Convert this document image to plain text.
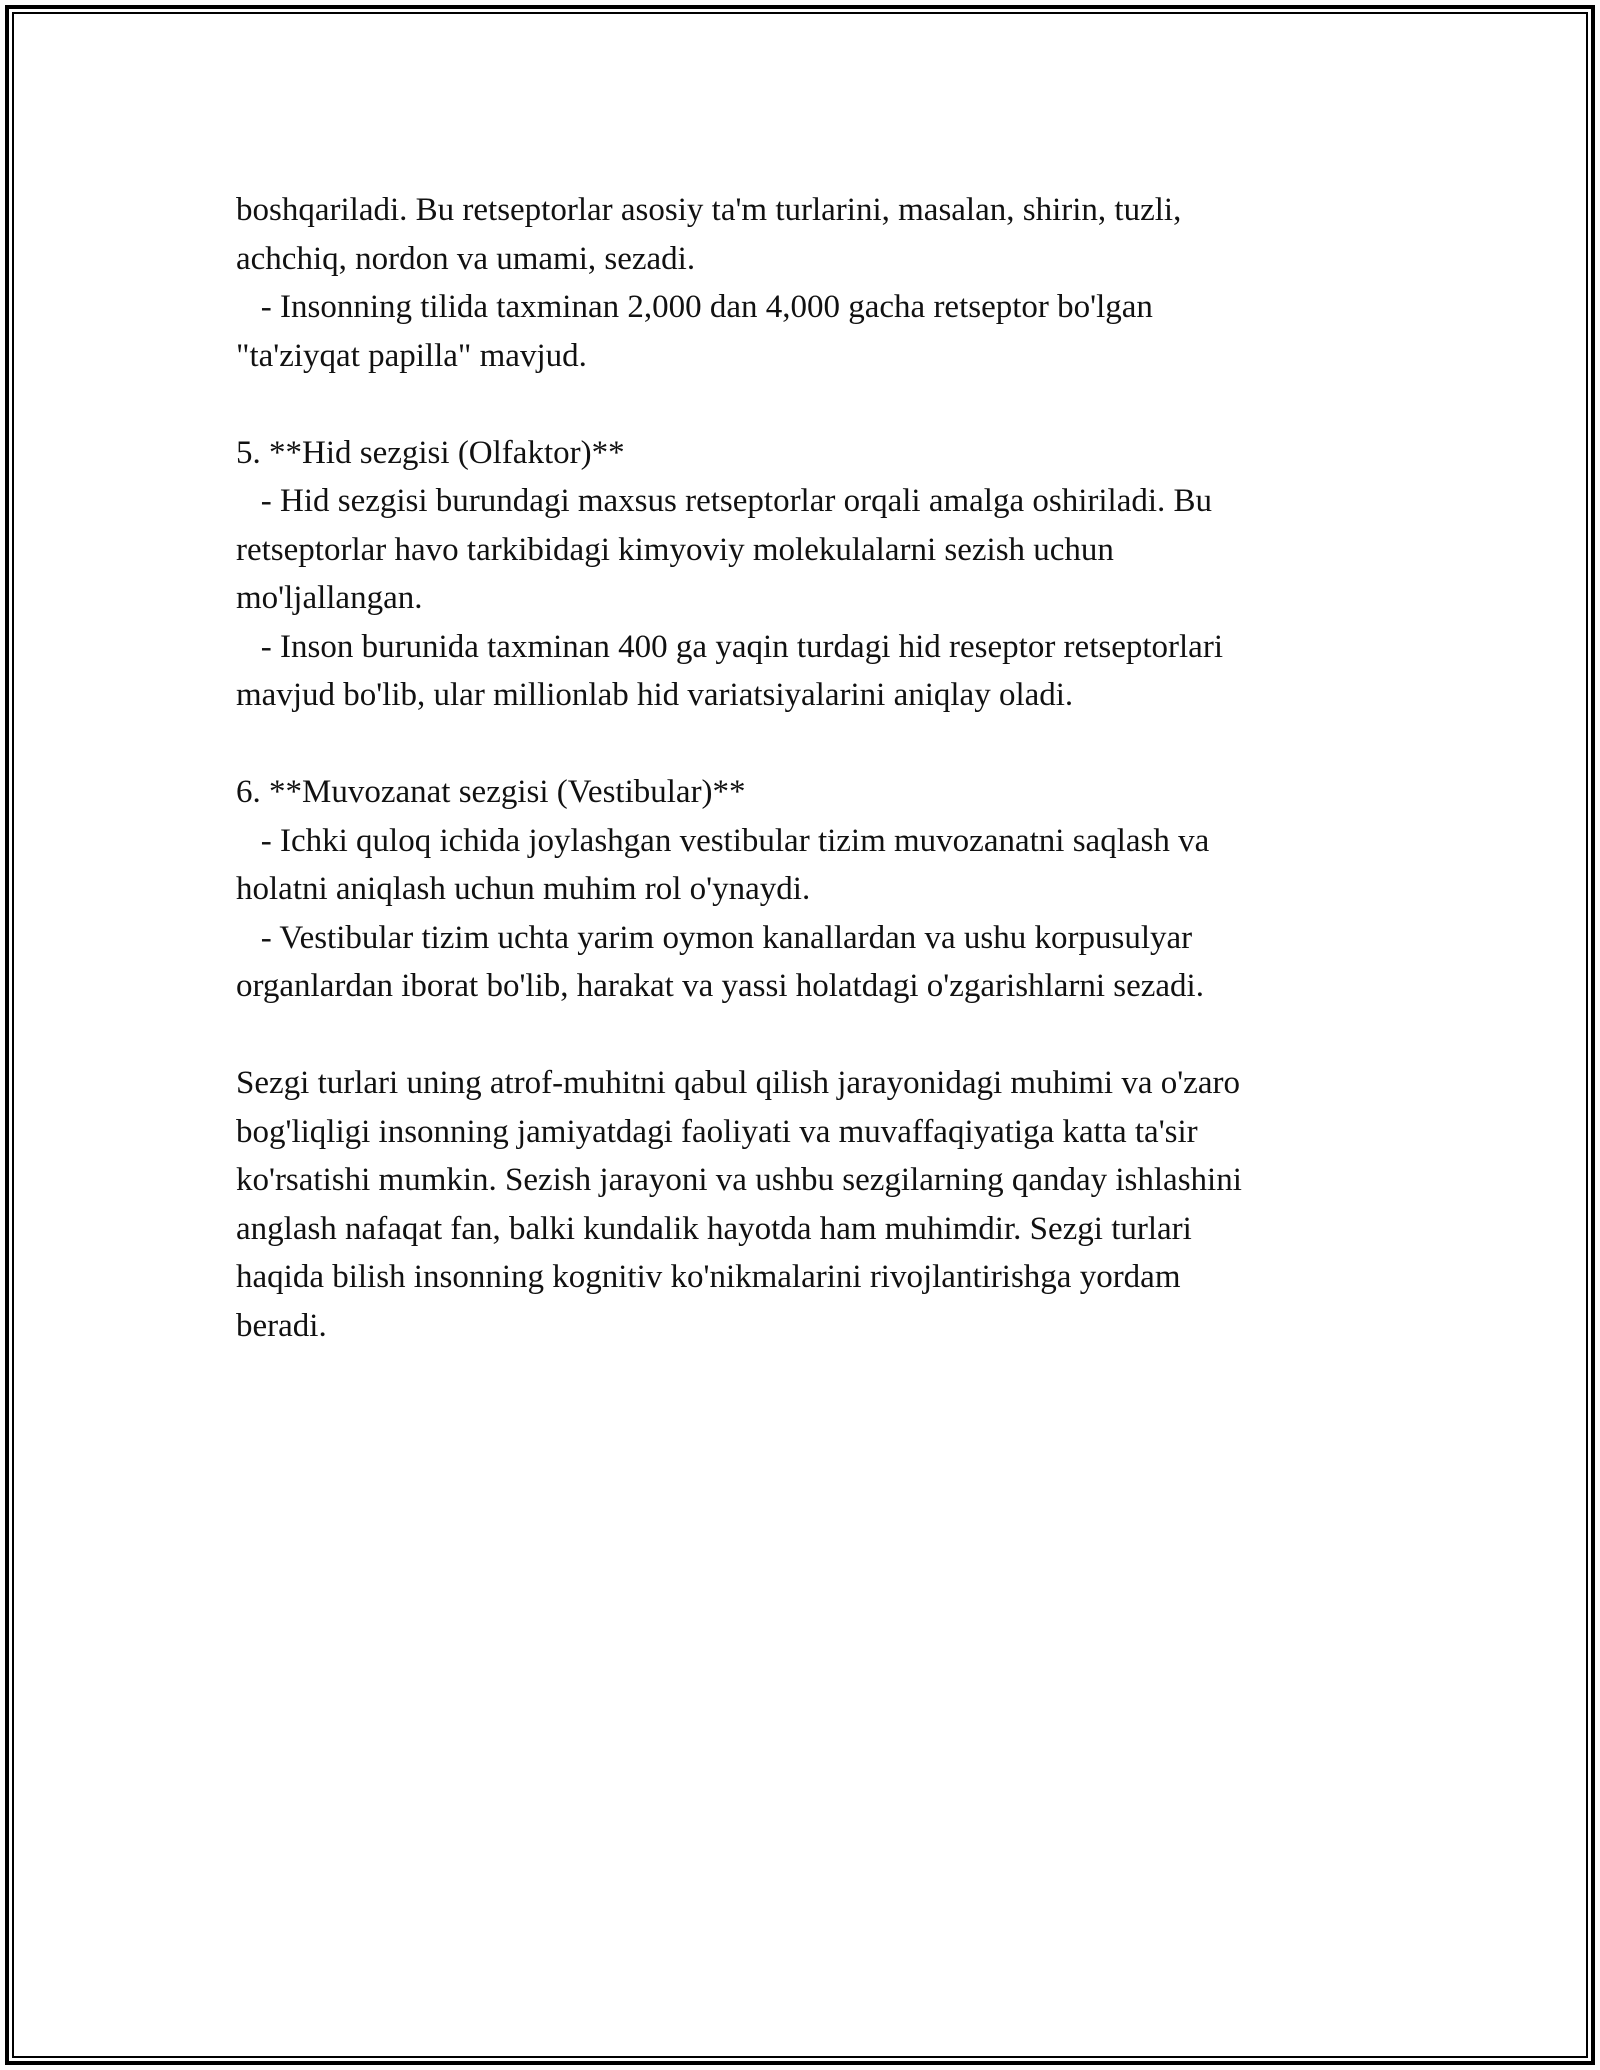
boshqariladi. Bu retseptorlar asosiy ta'm turlarini, masalan, shirin, tuzli,
achchiq, nordon va umami, sezadi.
- Insonning tilida taxminan 2,000 dan 4,000 gacha retseptor bo'lgan
"ta'ziyqat papilla" mavjud.
5. **Hid sezgisi (Olfaktor)**
- Hid sezgisi burundagi maxsus retseptorlar orqali amalga oshiriladi. Bu
retseptorlar havo tarkibidagi kimyoviy molekulalarni sezish uchun
mo'ljallangan.
- Inson burunida taxminan 400 ga yaqin turdagi hid reseptor retseptorlari
mavjud bo'lib, ular millionlab hid variatsiyalarini aniqlay oladi.
6. **Muvozanat sezgisi (Vestibular)**
- Ichki quloq ichida joylashgan vestibular tizim muvozanatni saqlash va
holatni aniqlash uchun muhim rol o'ynaydi.
- Vestibular tizim uchta yarim oymon kanallardan va ushu korpusulyar
organlardan iborat bo'lib, harakat va yassi holatdagi o'zgarishlarni sezadi.
Sezgi turlari uning atrof-muhitni qabul qilish jarayonidagi muhimi va o'zaro
bog'liqligi insonning jamiyatdagi faoliyati va muvaffaqiyatiga katta ta'sir
ko'rsatishi mumkin. Sezish jarayoni va ushbu sezgilarning qanday ishlashini
anglash nafaqat fan, balki kundalik hayotda ham muhimdir. Sezgi turlari
haqida bilish insonning kognitiv ko'nikmalarini rivojlantirishga yordam
beradi.
